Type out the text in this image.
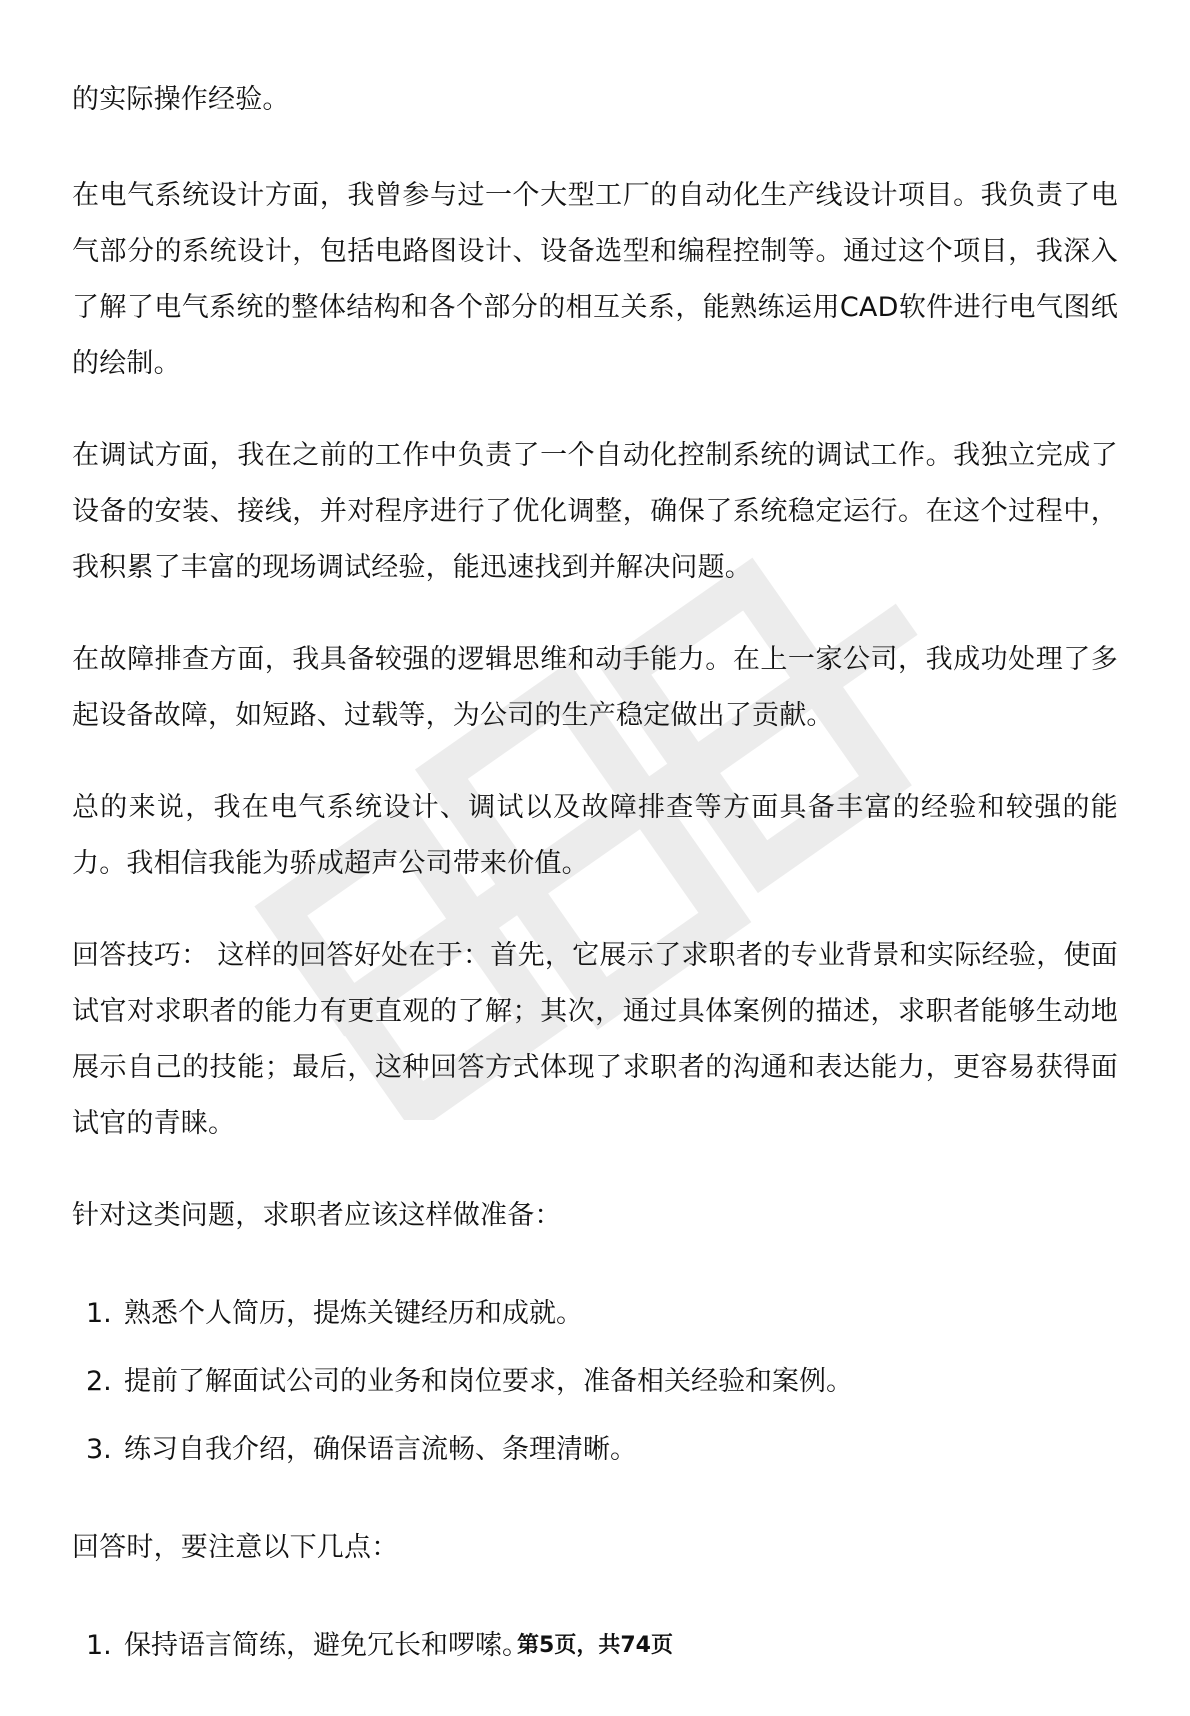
的实际操作经验。

在电气系统设计方面，我曾参与过一个大型工厂的自动化生产线设计项目。我负责了电气部分的系统设计，包括电路图设计、设备选型和编程控制等。通过这个项目，我深入了解了电气系统的整体结构和各个部分的相互关系，能熟练运用CAD软件进行电气图纸的绘制。

在调试方面，我在之前的工作中负责了一个自动化控制系统的调试工作。我独立完成了设备的安装、接线，并对程序进行了优化调整，确保了系统稳定运行。在这个过程中，我积累了丰富的现场调试经验，能迅速找到并解决问题。

在故障排查方面，我具备较强的逻辑思维和动手能力。在上一家公司，我成功处理了多起设备故障，如短路、过载等，为公司的生产稳定做出了贡献。

总的来说，我在电气系统设计、调试以及故障排查等方面具备丰富的经验和较强的能力。我相信我能为骄成超声公司带来价值。

回答技巧： 这样的回答好处在于：首先，它展示了求职者的专业背景和实际经验，使面试官对求职者的能力有更直观的了解；其次，通过具体案例的描述，求职者能够生动地展示自己的技能；最后，这种回答方式体现了求职者的沟通和表达能力，更容易获得面试官的青睐。

针对这类问题，求职者应该这样做准备：

1. 熟悉个人简历，提炼关键经历和成就。
2. 提前了解面试公司的业务和岗位要求，准备相关经验和案例。
3. 练习自我介绍，确保语言流畅、条理清晰。

回答时，要注意以下几点：

1. 保持语言简练，避免冗长和啰嗦。
第5页，共74页
